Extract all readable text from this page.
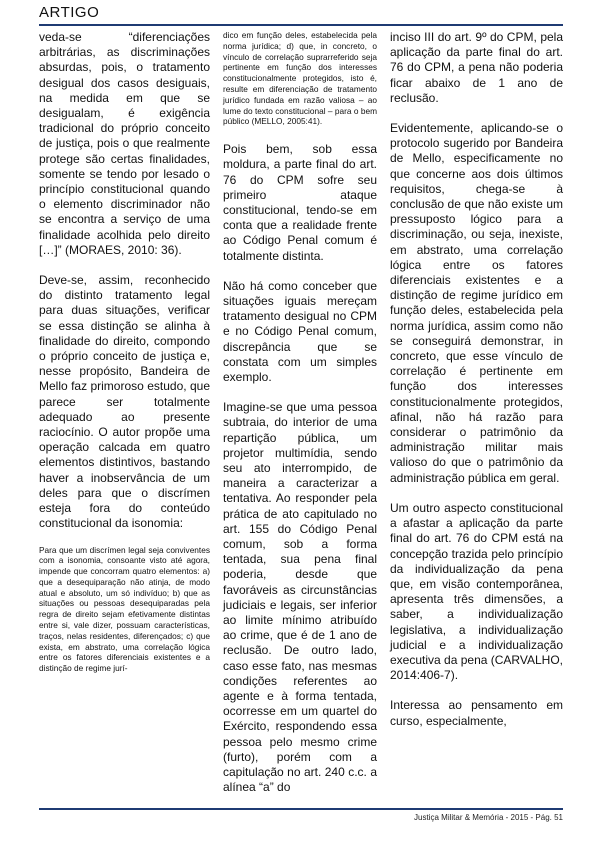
ARTIGO

veda-se “diferenciações arbitrárias, as discriminações absurdas, pois, o tratamento desigual dos casos desiguais, na medida em que se desigualam, é exigência tradicional do próprio conceito de justiça, pois o que realmente protege são certas finalidades, somente se tendo por lesado o princípio constitucional quando o elemento discriminador não se encontra a serviço de uma finalidade acolhida pelo direito […]” (MORAES, 2010: 36).

Deve-se, assim, reconhecido do distinto tratamento legal para duas situações, verificar se essa distinção se alinha à finalidade do direito, compondo o próprio conceito de justiça e, nesse propósito, Bandeira de Mello faz primoroso estudo, que parece ser totalmente adequado ao presente raciocínio. O autor propõe uma operação calcada em quatro elementos distintivos, bastando haver a inobservância de um deles para que o discrímen esteja fora do conteúdo constitucional da isonomia:

Para que um discrímen legal seja conviventes com a isonomia, consoante visto até agora, impende que concorram quatro elementos: a) que a desequiparação não atinja, de modo atual e absoluto, um só indivíduo; b) que as situações ou pessoas desequiparadas pela regra de direito sejam efetivamente distintas entre si, vale dizer, possuam características, traços, nelas residentes, diferençados; c) que exista, em abstrato, uma correlação lógica entre os fatores diferenciais existentes e a distinção de regime jurí-

dico em função deles, estabelecida pela norma jurídica; d) que, in concreto, o vínculo de correlação suprarreferido seja pertinente em função dos interesses constitucionalmente protegidos, isto é, resulte em diferenciação de tratamento jurídico fundada em razão valiosa – ao lume do texto constitucional – para o bem público (MELLO, 2005:41).

Pois bem, sob essa moldura, a parte final do art. 76 do CPM sofre seu primeiro ataque constitucional, tendo-se em conta que a realidade frente ao Código Penal comum é totalmente distinta.

Não há como conceber que situações iguais mereçam tratamento desigual no CPM e no Código Penal comum, discrepância que se constata com um simples exemplo.

Imagine-se que uma pessoa subtraia, do interior de uma repartição pública, um projetor multimídia, sendo seu ato interrompido, de maneira a caracterizar a tentativa. Ao responder pela prática de ato capitulado no art. 155 do Código Penal comum, sob a forma tentada, sua pena final poderia, desde que favoráveis as circunstâncias judiciais e legais, ser inferior ao limite mínimo atribuído ao crime, que é de 1 ano de reclusão. De outro lado, caso esse fato, nas mesmas condições referentes ao agente e à forma tentada, ocorresse em um quartel do Exército, respondendo essa pessoa pelo mesmo crime (furto), porém com a capitulação no art. 240 c.c. a alínea “a” do

inciso III do art. 9º do CPM, pela aplicação da parte final do art. 76 do CPM, a pena não poderia ficar abaixo de 1 ano de reclusão.

Evidentemente, aplicando-se o protocolo sugerido por Bandeira de Mello, especificamente no que concerne aos dois últimos requisitos, chega-se à conclusão de que não existe um pressuposto lógico para a discriminação, ou seja, inexiste, em abstrato, uma correlação lógica entre os fatores diferenciais existentes e a distinção de regime jurídico em função deles, estabelecida pela norma jurídica, assim como não se conseguirá demonstrar, in concreto, que esse vínculo de correlação é pertinente em função dos interesses constitucionalmente protegidos, afinal, não há razão para considerar o patrimônio da administração militar mais valioso do que o patrimônio da administração pública em geral.

Um outro aspecto constitucional a afastar a aplicação da parte final do art. 76 do CPM está na concepção trazida pelo princípio da individualização da pena que, em visão contemporânea, apresenta três dimensões, a saber, a individualização legislativa, a individualização judicial e a individualização executiva da pena (CARVALHO, 2014:406-7).

Interessa ao pensamento em curso, especialmente,

Justiça Militar & Memória - 2015 - Pág. 51
